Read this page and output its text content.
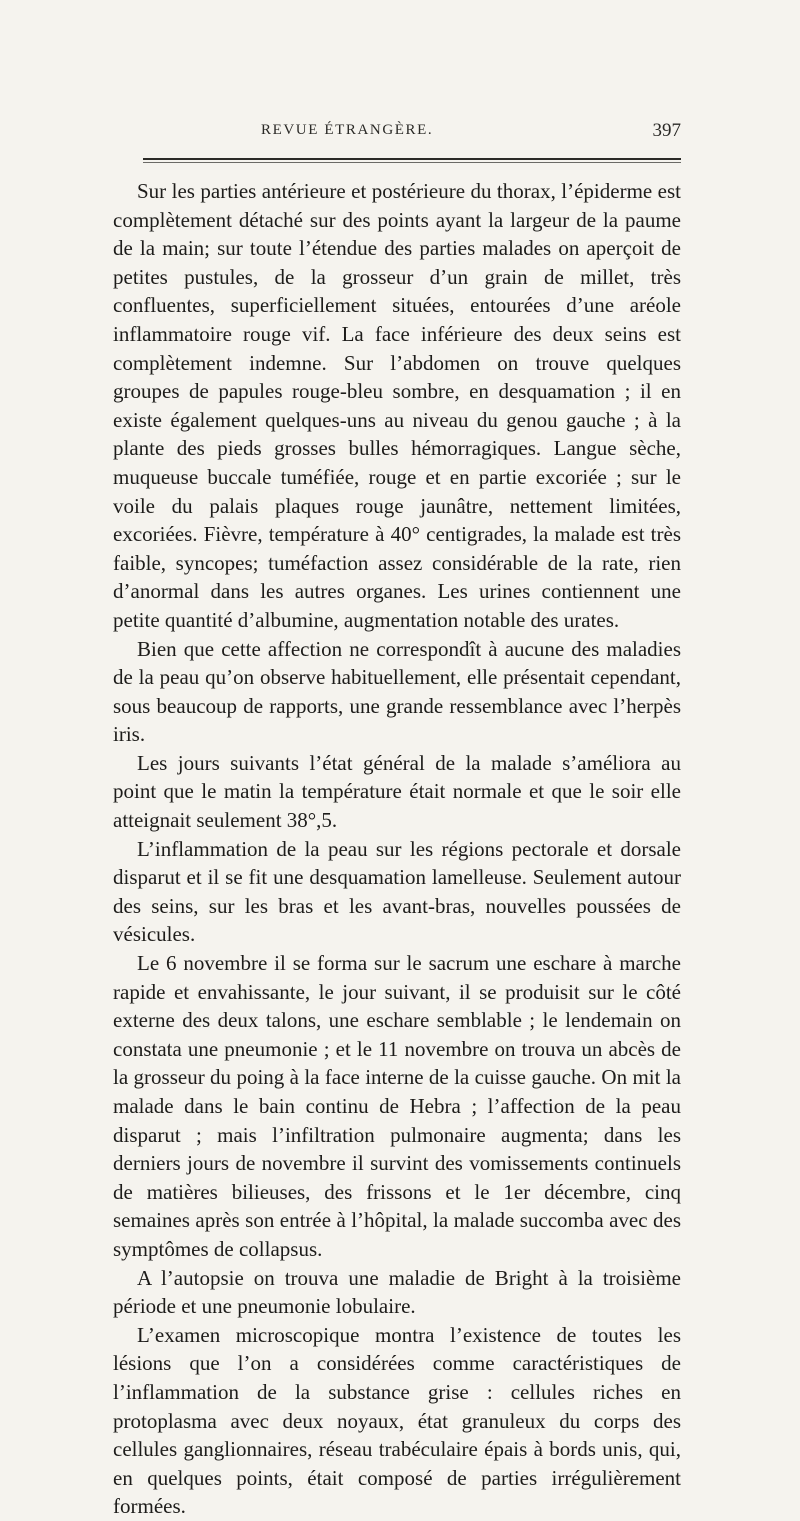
REVUE ÉTRANGÈRE.	397

Sur les parties antérieure et postérieure du thorax, l’épiderme est complètement détaché sur des points ayant la largeur de la paume de la main; sur toute l’étendue des parties malades on aperçoit de petites pustules, de la grosseur d’un grain de millet, très confluentes, superficiellement situées, entourées d’une aréole inflammatoire rouge vif. La face inférieure des deux seins est complètement indemne. Sur l’abdomen on trouve quelques groupes de papules rouge-bleu sombre, en desquamation ; il en existe également quelques-uns au niveau du genou gauche ; à la plante des pieds grosses bulles hémorragiques. Langue sèche, muqueuse buccale tuméfiée, rouge et en partie excoriée ; sur le voile du palais plaques rouge jaunâtre, nettement limitées, excoriées. Fièvre, température à 40° centigrades, la malade est très faible, syncopes; tuméfaction assez considérable de la rate, rien d’anormal dans les autres organes. Les urines contiennent une petite quantité d’albumine, augmentation notable des urates.

Bien que cette affection ne correspondît à aucune des maladies de la peau qu’on observe habituellement, elle présentait cependant, sous beaucoup de rapports, une grande ressemblance avec l’herpès iris.

Les jours suivants l’état général de la malade s’améliora au point que le matin la température était normale et que le soir elle atteignait seulement 38°,5.

L’inflammation de la peau sur les régions pectorale et dorsale disparut et il se fit une desquamation lamelleuse. Seulement autour des seins, sur les bras et les avant-bras, nouvelles poussées de vésicules.

Le 6 novembre il se forma sur le sacrum une eschare à marche rapide et envahissante, le jour suivant, il se produisit sur le côté externe des deux talons, une eschare semblable ; le lendemain on constata une pneumonie ; et le 11 novembre on trouva un abcès de la grosseur du poing à la face interne de la cuisse gauche. On mit la malade dans le bain continu de Hebra ; l’affection de la peau disparut ; mais l’infiltration pulmonaire augmenta; dans les derniers jours de novembre il survint des vomissements continuels de matières bilieuses, des frissons et le 1er décembre, cinq semaines après son entrée à l’hôpital, la malade succomba avec des symptômes de collapsus.

A l’autopsie on trouva une maladie de Bright à la troisième période et une pneumonie lobulaire.

L’examen microscopique montra l’existence de toutes les lésions que l’on a considérées comme caractéristiques de l’inflammation de la substance grise : cellules riches en protoplasma avec deux noyaux, état granuleux du corps des cellules ganglionnaires, réseau trabéculaire épais à bords unis, qui, en quelques points, était composé de parties irrégulièrement formées.
